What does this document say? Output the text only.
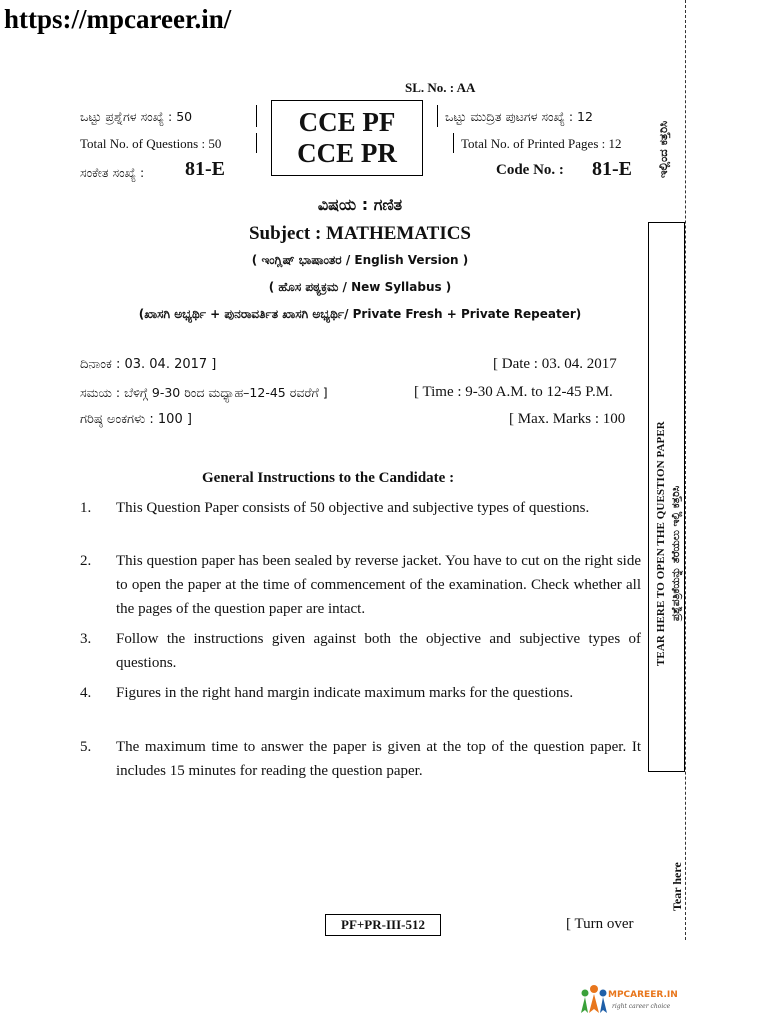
https://mpcareer.in/
SL. No. : AA
ಒಟ್ಟು ಪ್ರಶ್ನೆಗಳ ಸಂಖ್ಯೆ : 50
Total No. of Questions : 50
ಸಂಕೇತ ಸಂಖ್ಯೆ : 81-E
CCE PF
CCE PR
ಒಟ್ಟು ಮುದ್ರಿತ ಪುಟಗಳ ಸಂಖ್ಯೆ : 12
Total No. of Printed Pages : 12
Code No. : 81-E
ವಿಷಯ : ಗಣಿತ
Subject : MATHEMATICS
( ಇಂಗ್ಲಿಷ್ ಭಾಷಾಂತರ / English Version )
( ಹೊಸ ಪಠ್ಯಕ್ರಮ / New Syllabus )
(ಖಾಸಗಿ ಅಭ್ಯರ್ಥಿ + ಪುನರಾವರ್ತಿತ ಖಾಸಗಿ ಅಭ್ಯರ್ಥಿ/ Private Fresh + Private Repeater)
ದಿನಾಂಕ : 03. 04. 2017 ]	[ Date : 03. 04. 2017
ಸಮಯ : ಬೆಳಿಗ್ಗೆ 9-30 ರಿಂದ ಮಧ್ಯಾಹ–12-45 ರವರೆಗೆ ]	[ Time : 9-30 A.M. to 12-45 P.M.
ಗರಿಷ್ಠ ಅಂಕಗಳು : 100 ]	[ Max. Marks : 100
General Instructions to the Candidate :
1. This Question Paper consists of 50 objective and subjective types of questions.
2. This question paper has been sealed by reverse jacket. You have to cut on the right side to open the paper at the time of commencement of the examination. Check whether all the pages of the question paper are intact.
3. Follow the instructions given against both the objective and subjective types of questions.
4. Figures in the right hand margin indicate maximum marks for the questions.
5. The maximum time to answer the paper is given at the top of the question paper. It includes 15 minutes for reading the question paper.
ಇಲ್ಲಿಂದ ಕತ್ತರಿಸಿ
TEAR HERE TO OPEN THE QUESTION PAPER ಪ್ರಶ್ನೆಪತ್ರಿಕೆಯನ್ನು ತೆರೆಯಲು ಇಲ್ಲಿ ಕತ್ತರಿಸಿ
Tear here
PF+PR-III-512	[ Turn over
MPCAREER.IN
right career choice
